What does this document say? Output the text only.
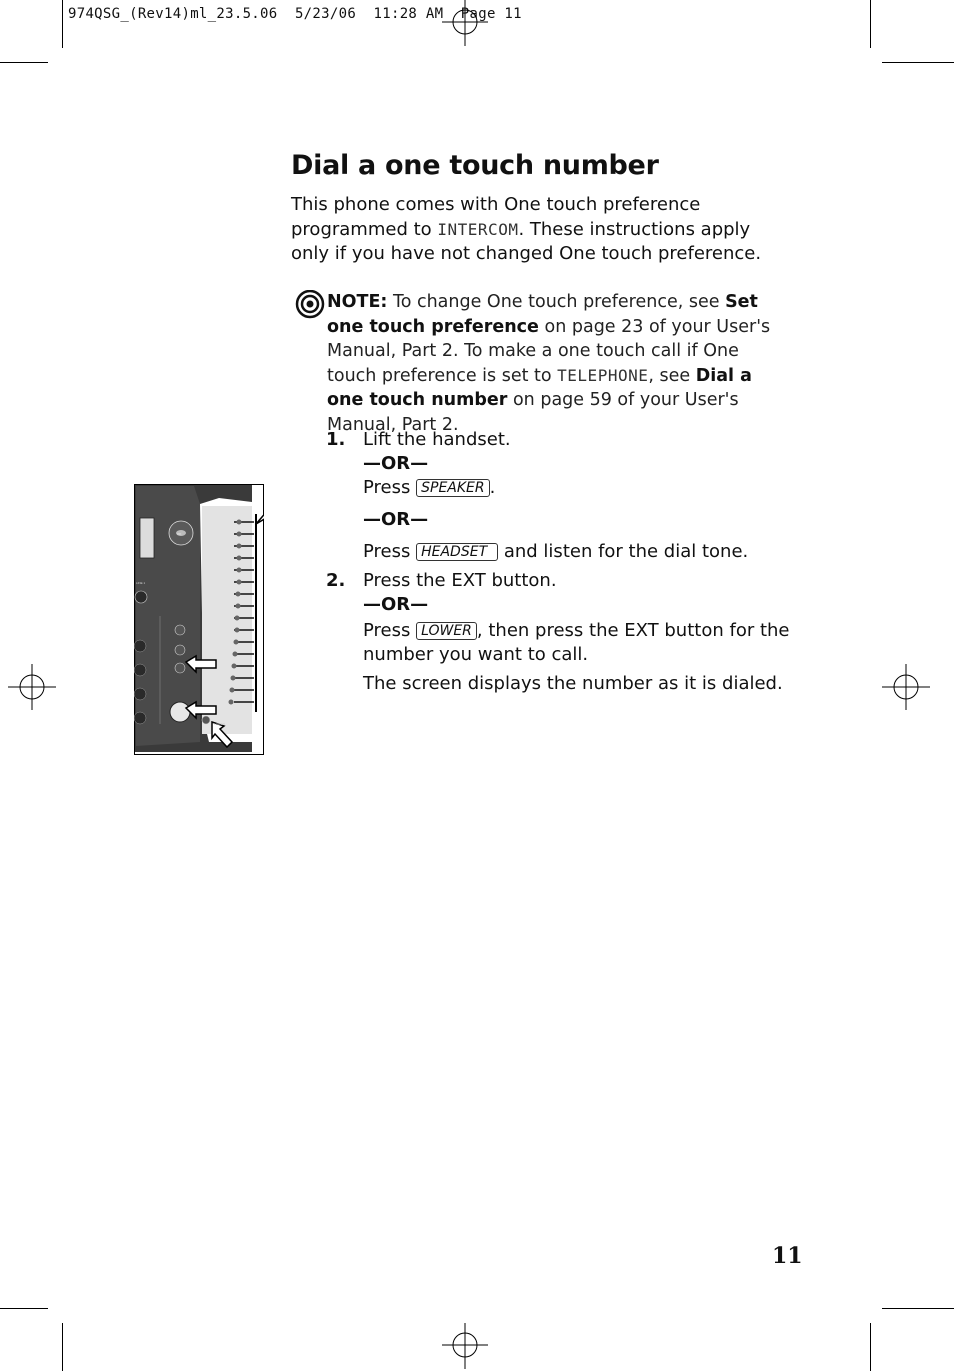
974QSG_(Rev14)ml_23.5.06  5/23/06  11:28 AM  Page 11
Dial a one touch number
This phone comes with One touch preference programmed to INTERCOM. These instructions apply only if you have not changed One touch preference.
NOTE: To change One touch preference, see Set one touch preference on page 23 of your User's Manual, Part 2. To make a one touch call if One touch preference is set to TELEPHONE, see Dial a one touch number on page 59 of your User's Manual, Part 2.
1. Lift the handset.

—OR—

Press SPEAKER .

—OR—

Press HEADSET and listen for the dial tone.

2. Press the EXT button.

—OR—

Press LOWER , then press the EXT button for the number you want to call.

The screen displays the number as it is dialed.

LINE 1
OK
LOWER
11
